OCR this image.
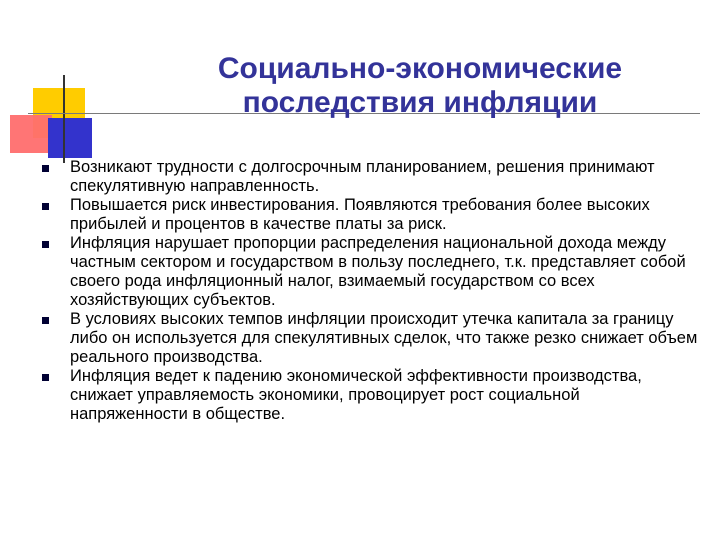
Социально-экономические
последствия инфляции
Возникают трудности с долгосрочным планированием, решения принимают спекулятивную направленность.
Повышается риск инвестирования. Появляются требования более высоких прибылей и процентов в качестве платы за риск.
Инфляция нарушает пропорции распределения национальной дохода между частным сектором и государством в пользу последнего, т.к. представляет собой своего рода инфляционный налог, взимаемый государством со всех хозяйствующих субъектов.
В условиях высоких темпов инфляции происходит утечка капитала за границу либо он используется для спекулятивных сделок, что также резко снижает объем реального производства.
Инфляция ведет к падению экономической эффективности производства, снижает управляемость экономики, провоцирует рост социальной напряженности в обществе.
